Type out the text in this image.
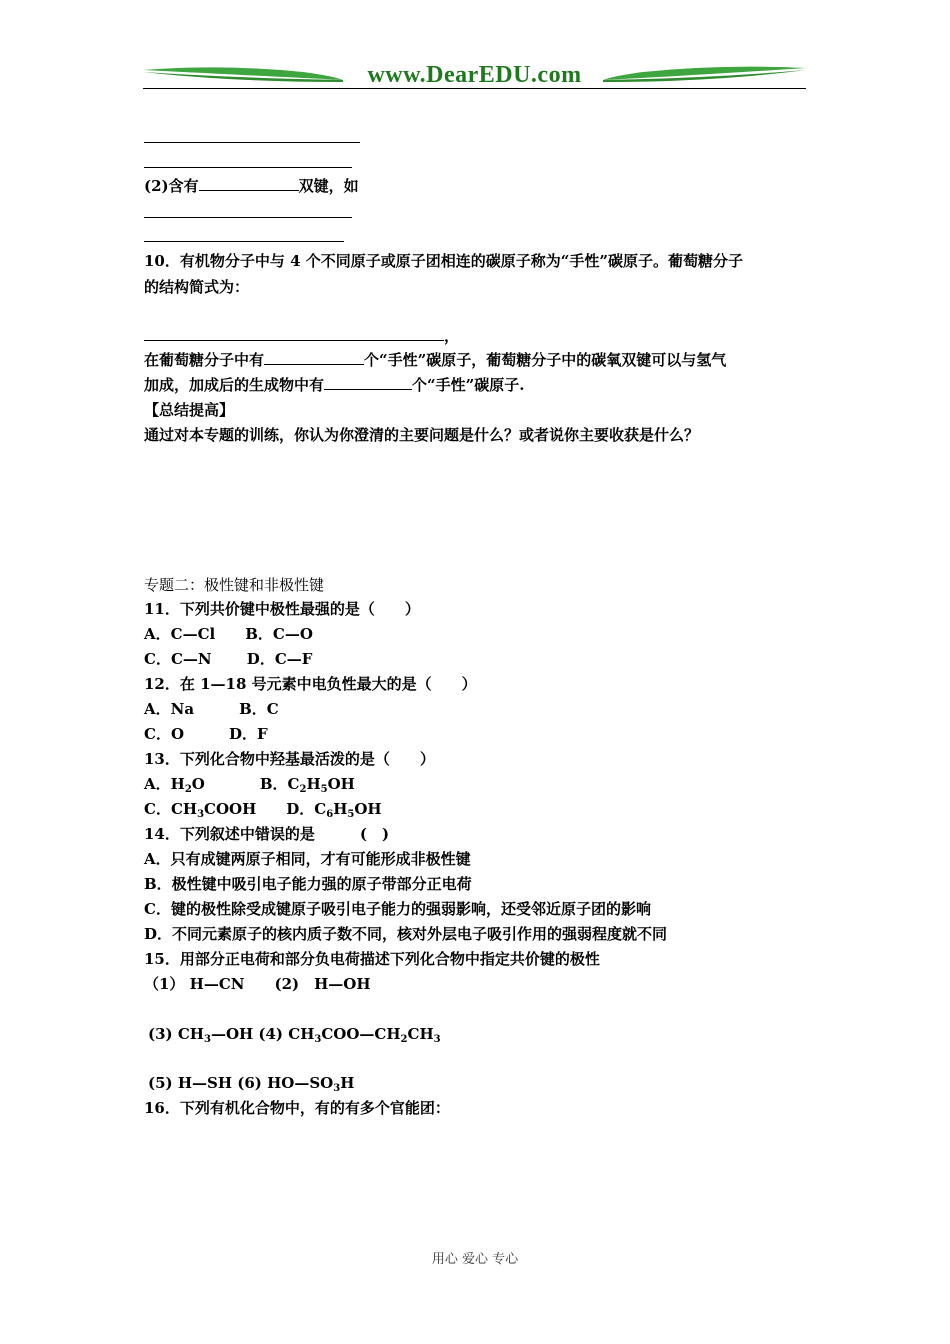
www.DearEDU.com
(2)含有	双键，如
10．有机物分子中与 4 个不同原子或原子团相连的碳原子称为“手性”碳原子。葡萄糖分子
的结构简式为：
，
在葡萄糖分子中有	个“手性”碳原子，葡萄糖分子中的碳氧双键可以与氢气
加成，加成后的生成物中有	个“手性”碳原子.
【总结提高】
通过对本专题的训练，你认为你澄清的主要问题是什么？或者说你主要收获是什么？
专题二：极性键和非极性键
11．下列共价键中极性最强的是（　　）
A．C—Cl　　B．C—O
C．C—N　　 D．C—F
12．在 1—18 号元素中电负性最大的是（　　）
A．Na　　　B．C
C．O　　　D．F
13．下列化合物中羟基最活泼的是（　　）
A．$H_2O$	B．$C_2H_5OH$
C．$CH_3COOH$ D．$C_6H_5OH$
14．下列叙述中错误的是　　　(　)
A．只有成键两原子相同，才有可能形成非极性键
B．极性键中吸引电子能力强的原子带部分正电荷
C．键的极性除受成键原子吸引电子能力的强弱影响，还受邻近原子团的影响
D．不同元素原子的核内质子数不同，核对外层电子吸引作用的强弱程度就不同
15．用部分正电荷和部分负电荷描述下列化合物中指定共价键的极性
（1） H—CN　　(2)　H—OH
(3) $CH_3—OH$ (4) $CH_3COO—CH_2CH_3$
(5) H—SH (6) $HO—SO_3H$
16．下列有机化合物中，有的有多个官能团：
用心 爱心 专心
